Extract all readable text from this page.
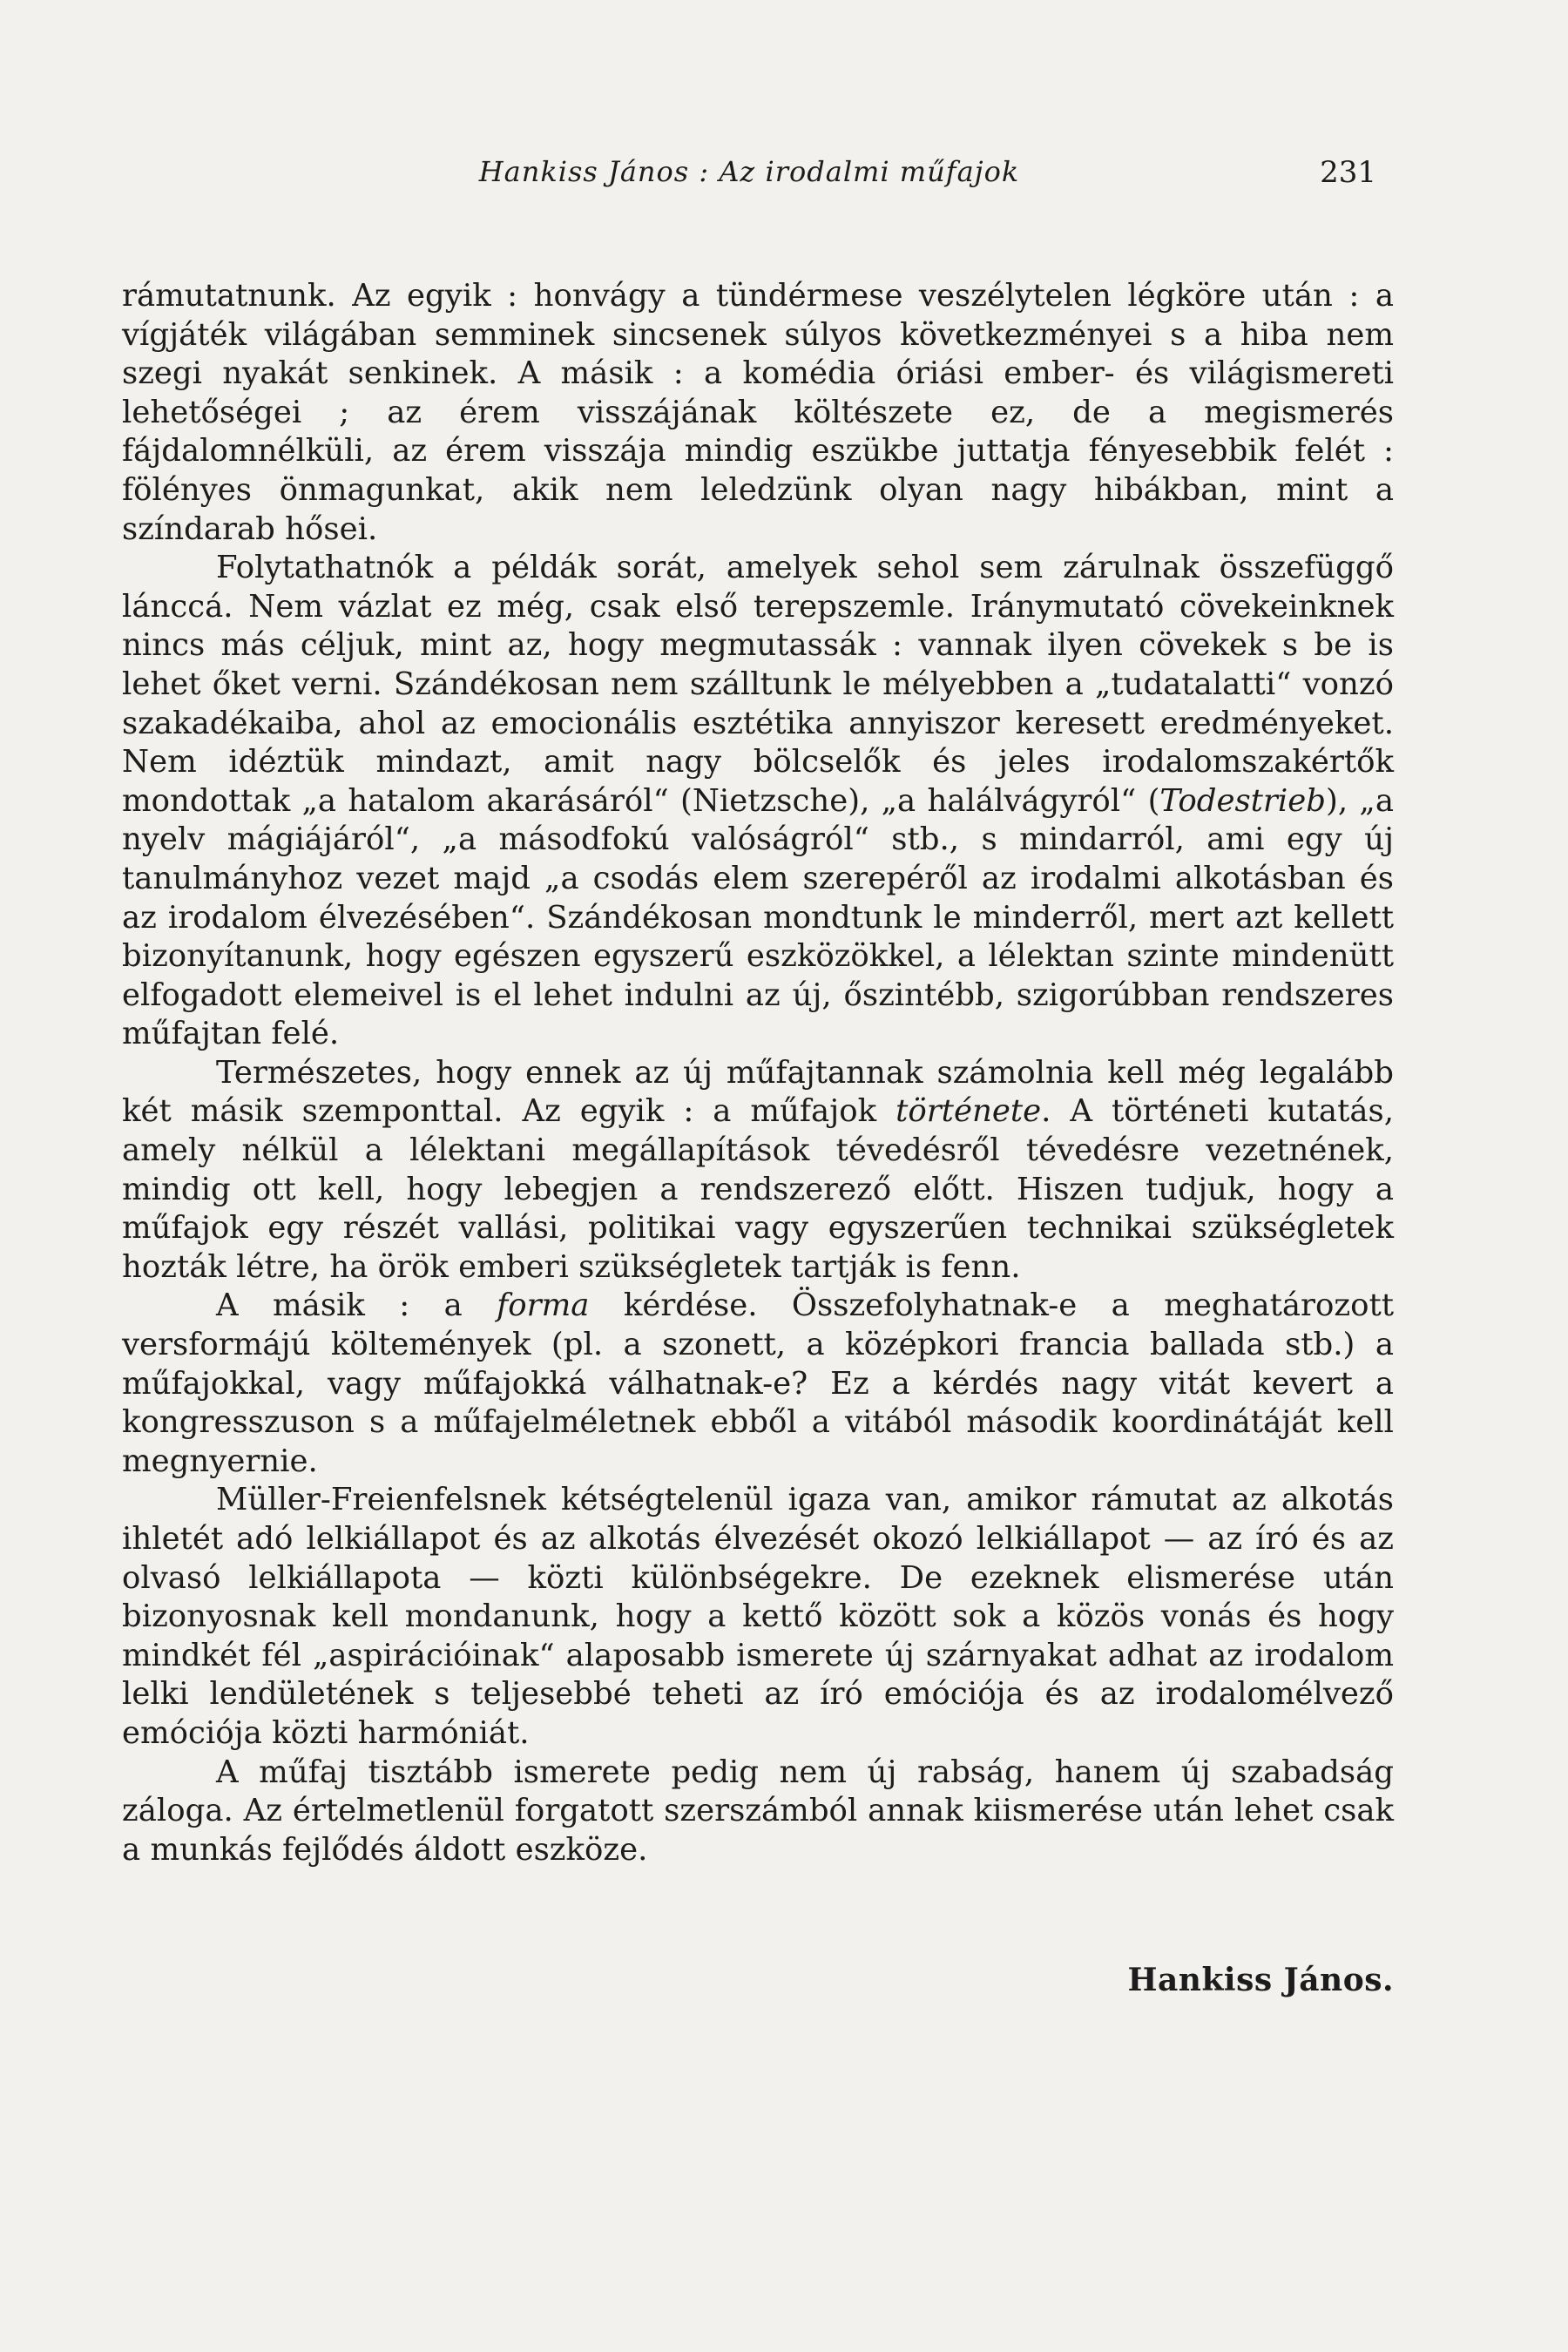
Hankiss János : Az irodalmi műfajok	231

rámutatnunk. Az egyik : honvágy a tündérmese veszélytelen légköre után : a vígjáték világában semminek sincsenek súlyos következményei s a hiba nem szegi nyakát senkinek. A másik : a komédia óriási ember- és világismereti lehetőségei ; az érem visszájának költészete ez, de a megismerés fájdalomnélküli, az érem visszája mindig eszükbe juttatja fényesebbik felét : fölényes önmagunkat, akik nem leledzünk olyan nagy hibákban, mint a színdarab hősei.

Folytathatnók a példák sorát, amelyek sehol sem zárulnak összefüggő lánccá. Nem vázlat ez még, csak első terepszemle. Iránymutató cövekeinknek nincs más céljuk, mint az, hogy megmutassák : vannak ilyen cövekek s be is lehet őket verni. Szándékosan nem szálltunk le mélyebben a „tudatalatti“ vonzó szakadékaiba, ahol az emocionális esztétika annyiszor keresett eredményeket. Nem idéztük mindazt, amit nagy bölcselők és jeles irodalomszakértők mondottak „a hatalom akarásáról“ (Nietzsche), „a halálvágyról“ (Todestrieb), „a nyelv mágiájáról“, „a másodfokú valóságról“ stb., s mindarról, ami egy új tanulmányhoz vezet majd „a csodás elem szerepéről az irodalmi alkotásban és az irodalom élvezésében“. Szándékosan mondtunk le minderről, mert azt kellett bizonyítanunk, hogy egészen egyszerű eszközökkel, a lélektan szinte mindenütt elfogadott elemeivel is el lehet indulni az új, őszintébb, szigorúbban rendszeres műfajtan felé.

Természetes, hogy ennek az új műfajtannak számolnia kell még legalább két másik szemponttal. Az egyik : a műfajok története. A történeti kutatás, amely nélkül a lélektani megállapítások tévedésről tévedésre vezetnének, mindig ott kell, hogy lebegjen a rendszerező előtt. Hiszen tudjuk, hogy a műfajok egy részét vallási, politikai vagy egyszerűen technikai szükségletek hozták létre, ha örök emberi szükségletek tartják is fenn.

A másik : a forma kérdése. Összefolyhatnak-e a meghatározott versformájú költemények (pl. a szonett, a középkori francia ballada stb.) a műfajokkal, vagy műfajokká válhatnak-e? Ez a kérdés nagy vitát kevert a kongresszuson s a műfajelméletnek ebből a vitából második koordinátáját kell megnyernie.

Müller-Freienfelsnek kétségtelenül igaza van, amikor rámutat az alkotás ihletét adó lelkiállapot és az alkotás élvezését okozó lelkiállapot — az író és az olvasó lelkiállapota — közti különbségekre. De ezeknek elismerése után bizonyosnak kell mondanunk, hogy a kettő között sok a közös vonás és hogy mindkét fél „aspirációinak“ alaposabb ismerete új szárnyakat adhat az irodalom lelki lendületének s teljesebbé teheti az író emóciója és az irodalomélvező emóciója közti harmóniát.

A műfaj tisztább ismerete pedig nem új rabság, hanem új szabadság záloga. Az értelmetlenül forgatott szerszámból annak kiismerése után lehet csak a munkás fejlődés áldott eszköze.

Hankiss János.
